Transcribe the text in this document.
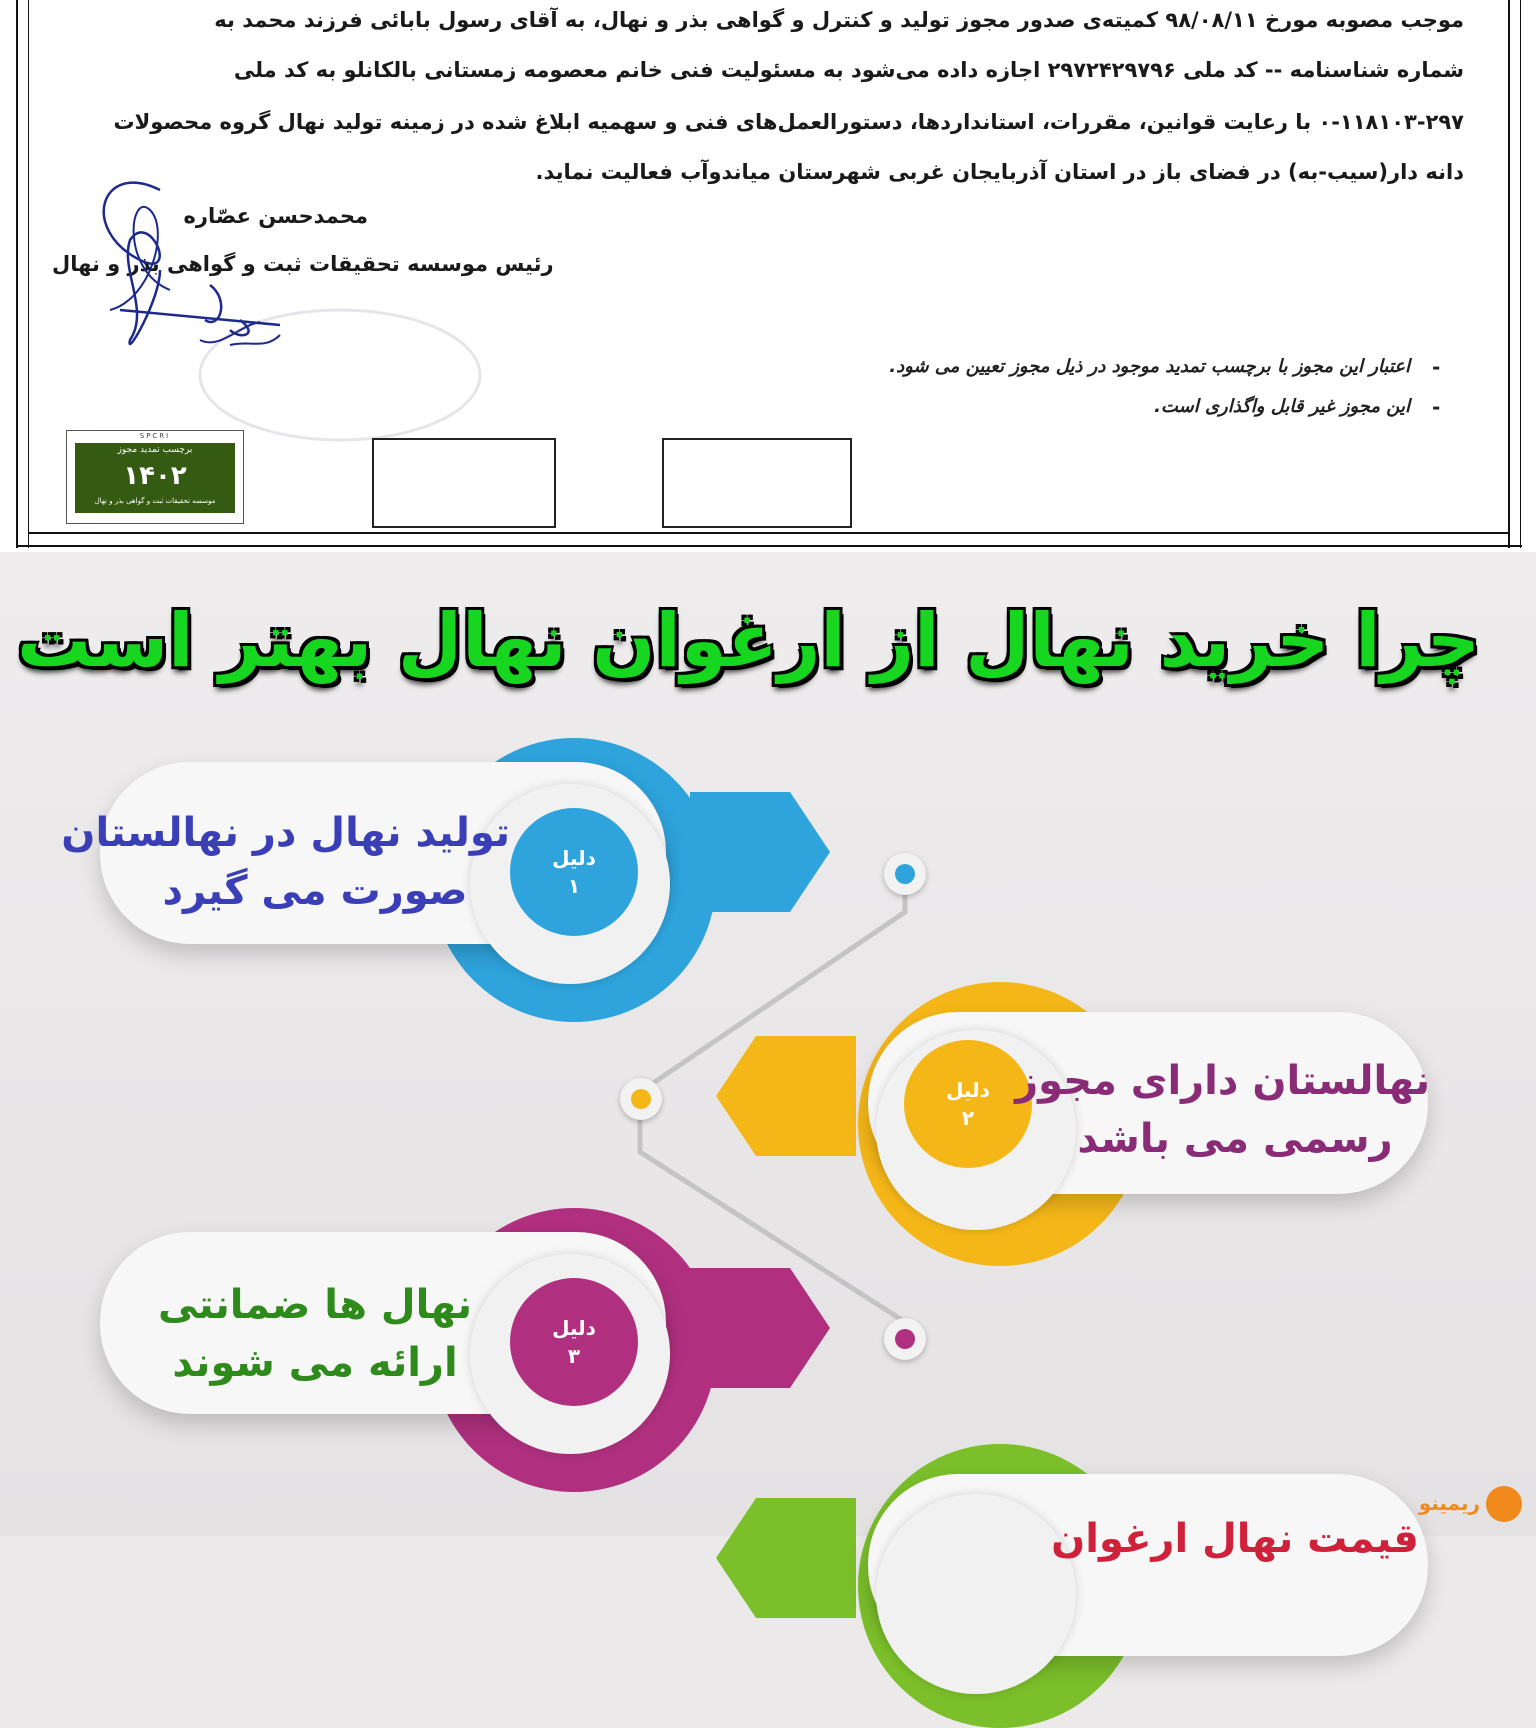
موجب مصوبه مورخ ۹۸/۰۸/۱۱ کمیته‌ی صدور مجوز تولید و کنترل و گواهی بذر و نهال، به آقای رسول بابائی فرزند محمد به
شماره شناسنامه -- کد ملی ۲۹۷۲۴۲۹۷۹۶ اجازه داده می‌شود به مسئولیت فنی خانم معصومه زمستانی بالکانلو به کد ملی
۰-۱۱۸۱۰۳-۲۹۷ با رعایت قوانین، مقررات، استانداردها، دستورالعمل‌های فنی و سهمیه ابلاغ شده در زمینه تولید نهال گروه محصولات
دانه دار(سیب-به) در فضای باز در استان آذربایجان غربی شهرستان میاندوآب فعالیت نماید.
محمدحسن عصّاره
رئیس موسسه تحقیقات ثبت و گواهی بذر و نهال
اعتبار این مجوز با برچسب تمدید موجود در ذیل مجوز تعیین می شود.
این مجوز غیر قابل واگذاری است.
-
-
SPCRI
برچسب تمدید مجوز
۱۴۰۲
موسسه تحقیقات ثبت و گواهی بذر و نهال
چرا خرید نهال از ارغوان نهال بهتر است
دلیل
۱
تولید نهال در نهالستان
صورت می گیرد
دلیل
۲
نهالستان دارای مجوز
رسمی می باشد
دلیل
۳
نهال ها ضمانتی
ارائه می شوند
قیمت نهال ارغوان
ریمینو
